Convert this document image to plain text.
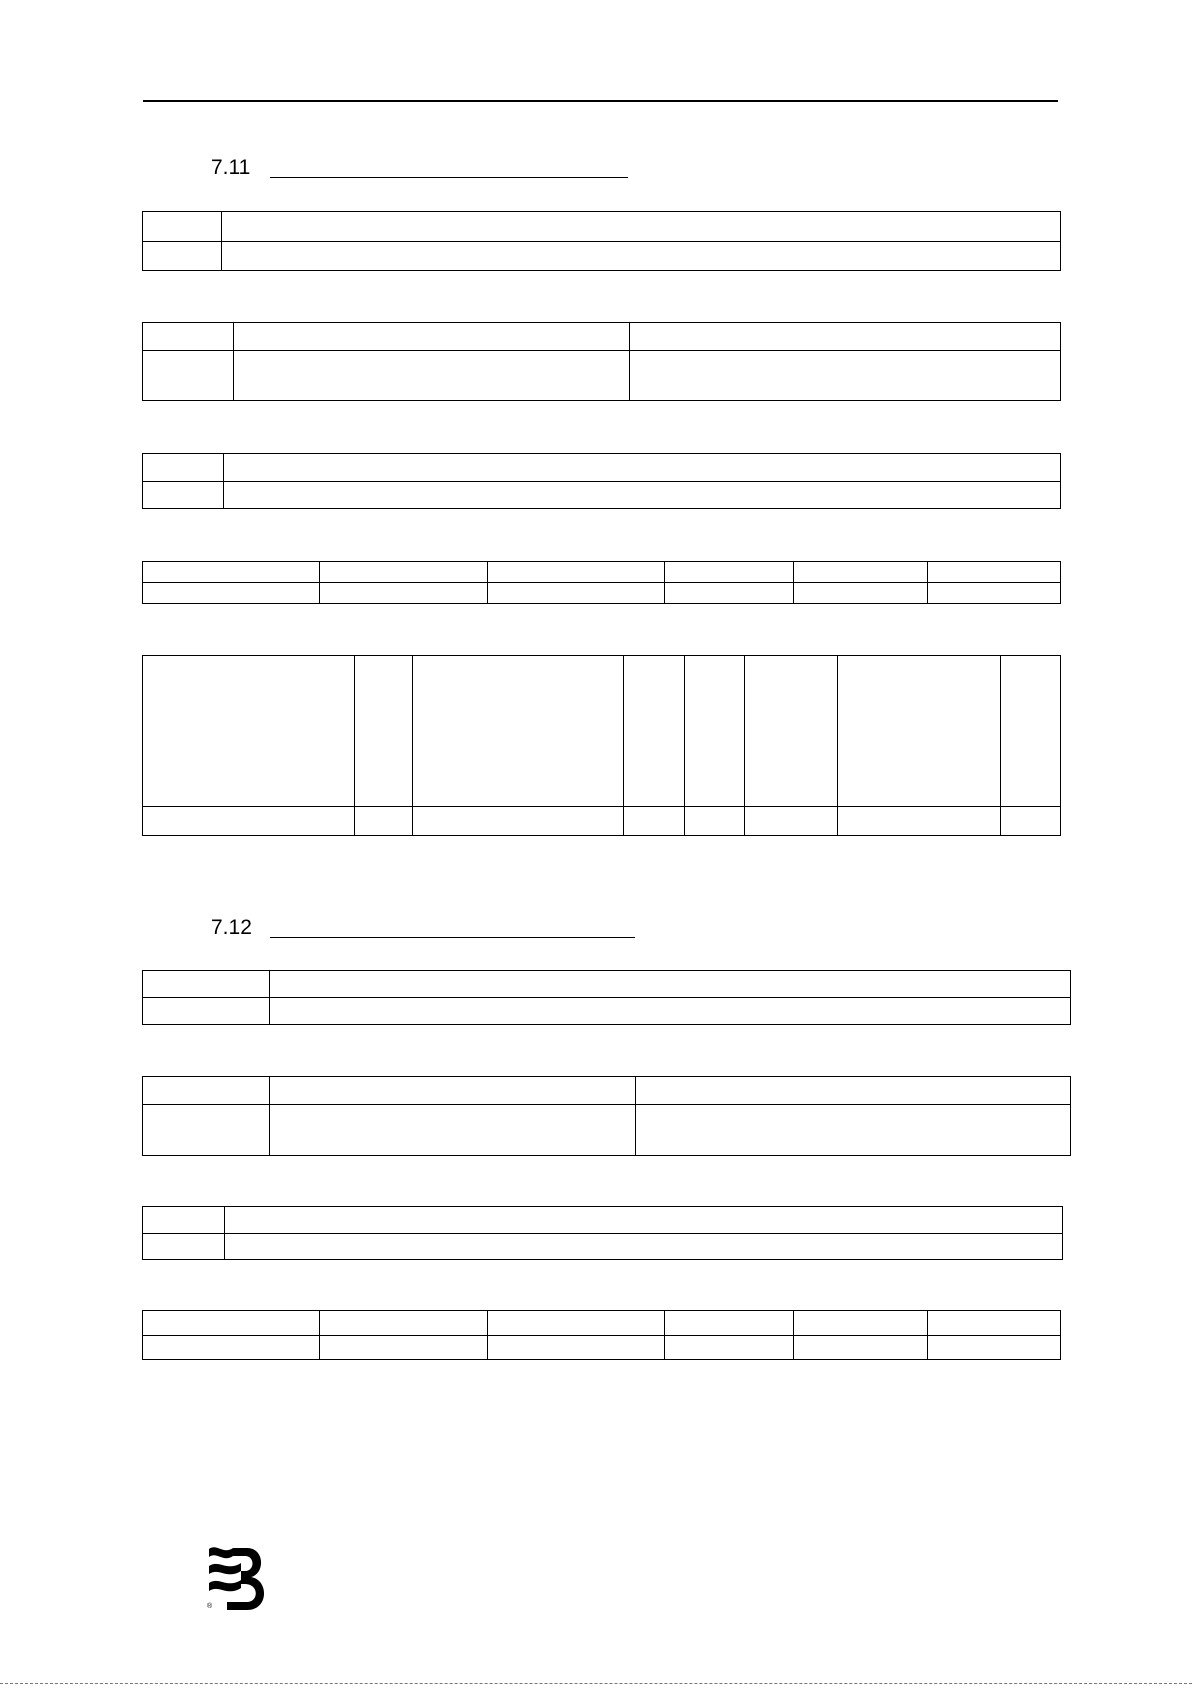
7.11

7.12

®
